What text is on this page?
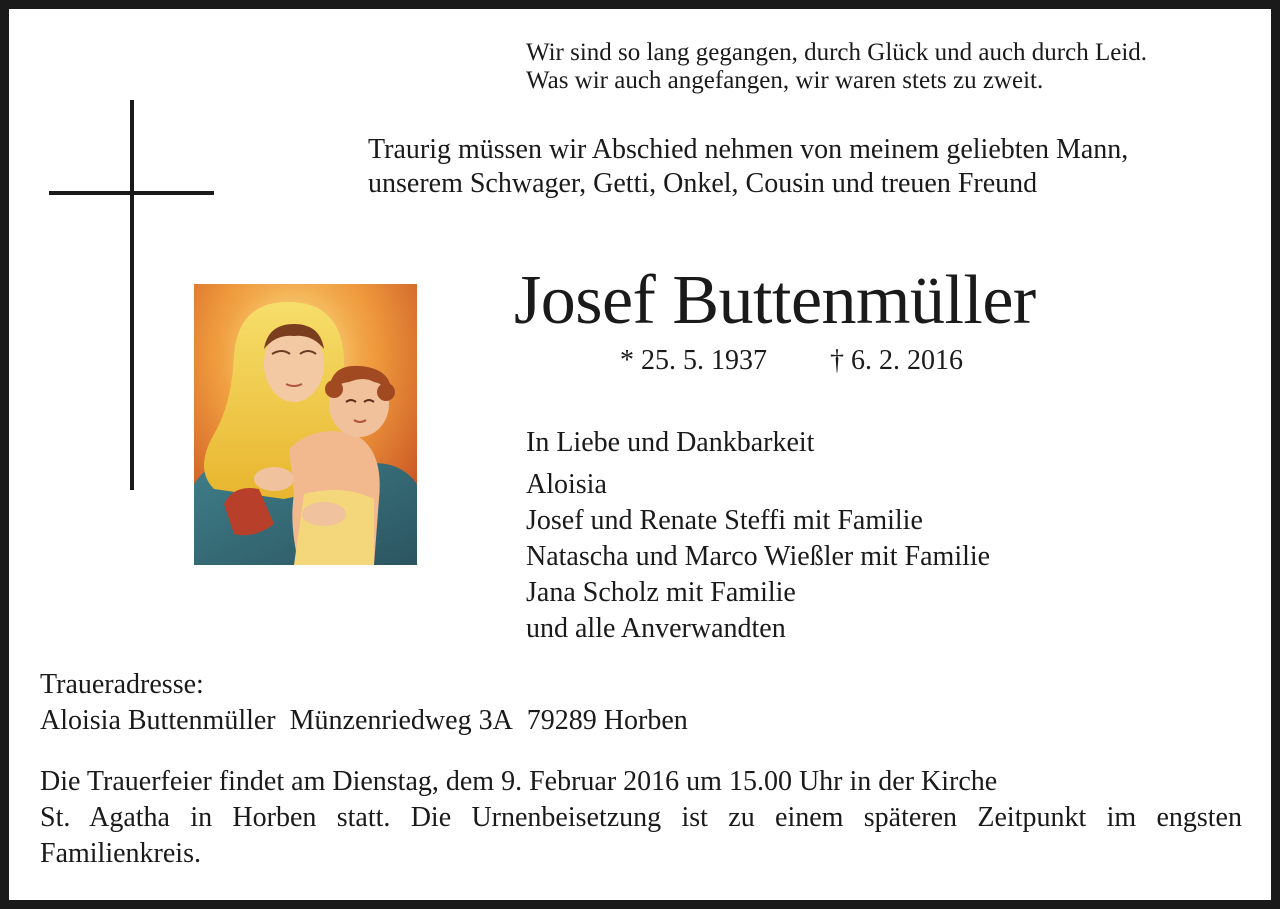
Wir sind so lang gegangen, durch Glück und auch durch Leid.
Was wir auch angefangen, wir waren stets zu zweit.
Traurig müssen wir Abschied nehmen von meinem geliebten Mann,
unserem Schwager, Getti, Onkel, Cousin und treuen Freund
Josef Buttenmüller
* 25. 5. 1937 † 6. 2. 2016
In Liebe und Dankbarkeit
Aloisia
Josef und Renate Steffi mit Familie
Natascha und Marco Wießler mit Familie
Jana Scholz mit Familie
und alle Anverwandten
Traueradresse:
Aloisia Buttenmüller Münzenriedweg 3A 79289 Horben
Die Trauerfeier findet am Dienstag, dem 9. Februar 2016 um 15.00 Uhr in der Kirche
St. Agatha in Horben statt. Die Urnenbeisetzung ist zu einem späteren Zeitpunkt im engsten
Familienkreis.
